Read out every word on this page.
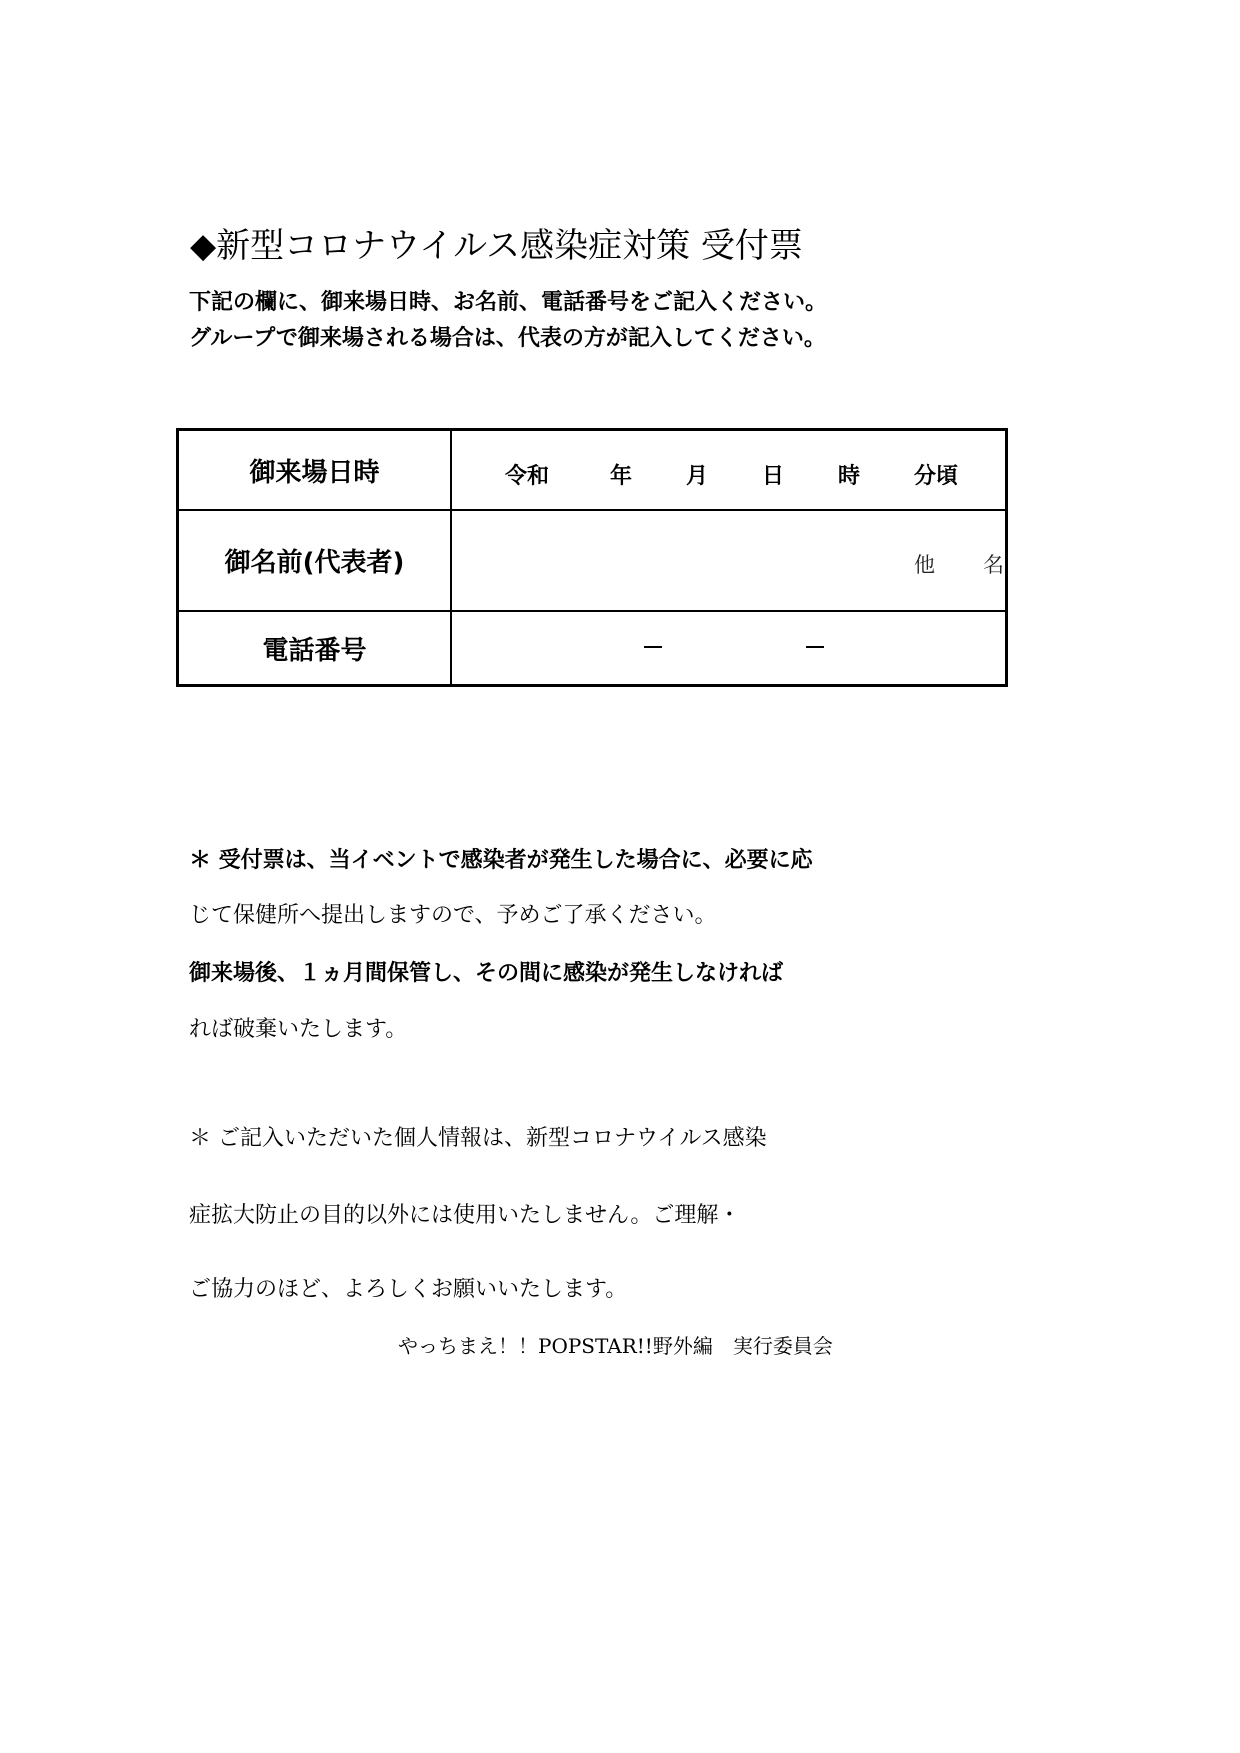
◆新型コロナウイルス感染症対策 受付票
下記の欄に、御来場日時、お名前、電話番号をご記入ください。
グループで御来場される場合は、代表の方が記入してください。
御来場日時	令和	年 月 日 時 分頃
御名前(代表者)	他 名
電話番号
＊ 受付票は、当イベントで感染者が発生した場合に、必要に応
じて保健所へ提出しますので、予めご了承ください。
御来場後、１ヵ月間保管し、その間に感染が発生しなければ
れば破棄いたします。
＊ ご記入いただいた個人情報は、新型コロナウイルス感染
症拡大防止の目的以外には使用いたしません。ご理解・
ご協力のほど、よろしくお願いいたします。
やっちまえ！！POPSTAR!!野外編　実行委員会
